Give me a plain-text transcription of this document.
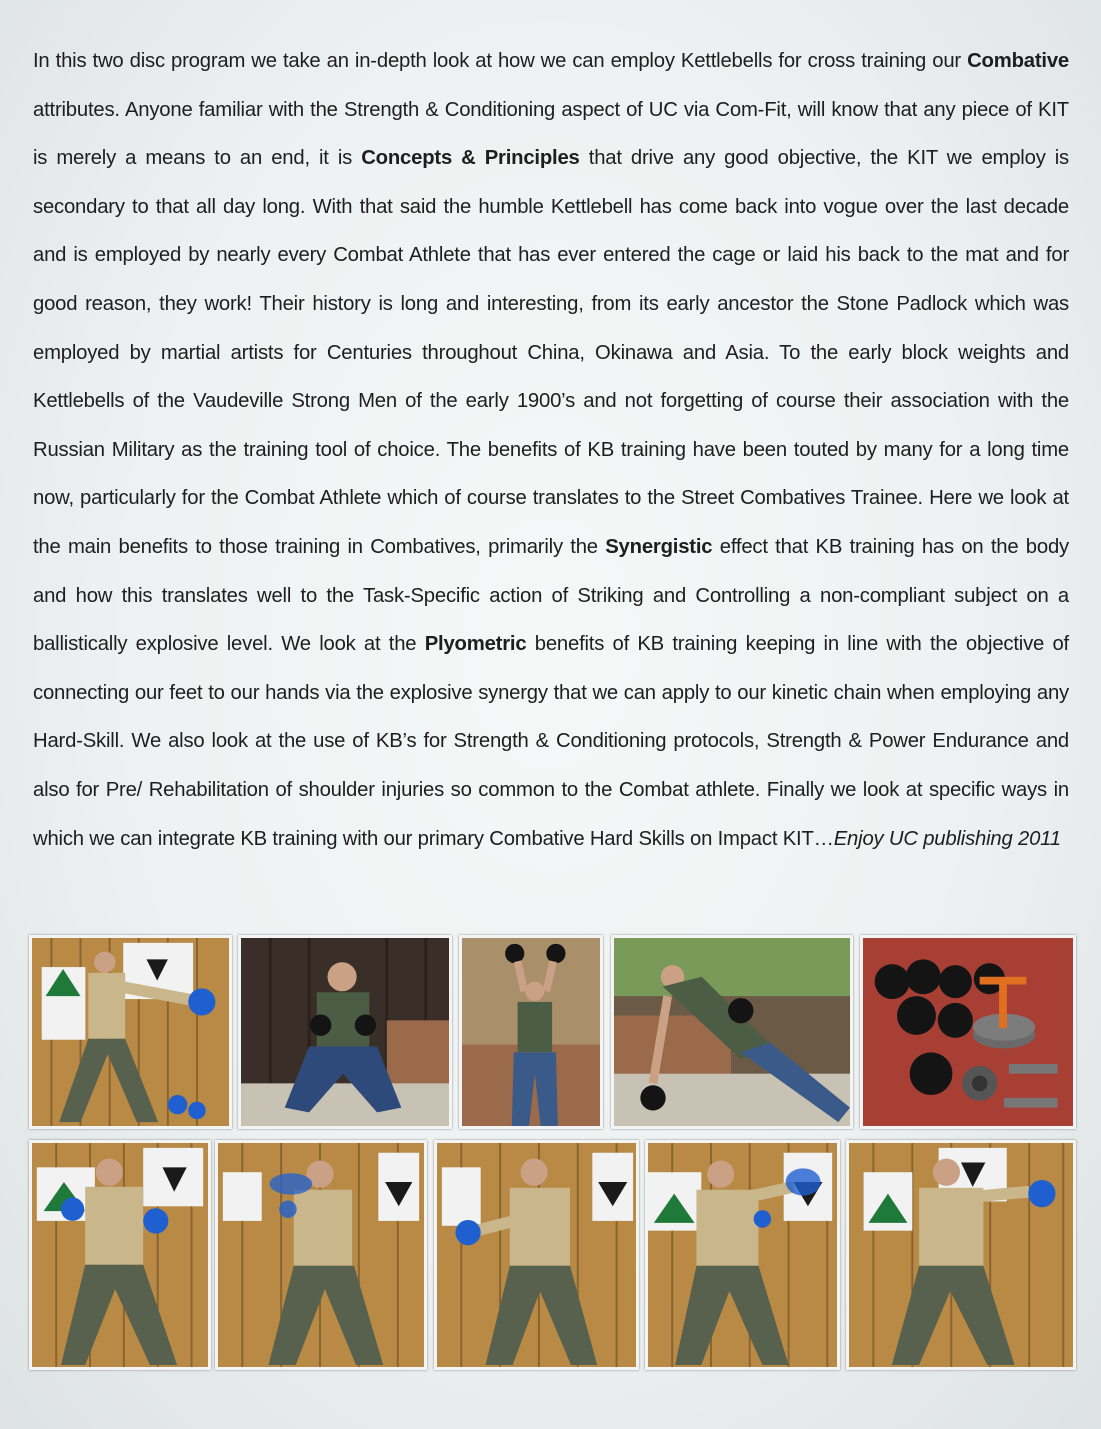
In this two disc program we take an in-depth look at how we can employ Kettlebells for cross training our Combative attributes. Anyone familiar with the Strength & Conditioning aspect of UC via Com-Fit, will know that any piece of KIT is merely a means to an end, it is Concepts & Principles that drive any good objective, the KIT we employ is secondary to that all day long. With that said the humble Kettlebell has come back into vogue over the last decade and is employed by nearly every Combat Athlete that has ever entered the cage or laid his back to the mat and for good reason, they work! Their history is long and interesting, from its early ancestor the Stone Padlock which was employed by martial artists for Centuries throughout China, Okinawa and Asia. To the early block weights and Kettlebells of the Vaudeville Strong Men of the early 1900’s and not forgetting of course their association with the Russian Military as the training tool of choice. The benefits of KB training have been touted by many for a long time now, particularly for the Combat Athlete which of course translates to the Street Combatives Trainee. Here we look at the main benefits to those training in Combatives, primarily the Synergistic effect that KB training has on the body and how this translates well to the Task-Specific action of Striking and Controlling a non-compliant subject on a ballistically explosive level. We look at the Plyometric benefits of KB training keeping in line with the objective of connecting our feet to our hands via the explosive synergy that we can apply to our kinetic chain when employing any Hard-Skill. We also look at the use of KB’s for Strength & Conditioning protocols, Strength & Power Endurance and also for Pre/ Rehabilitation of shoulder injuries so common to the Combat athlete. Finally we look at specific ways in which we can integrate KB training with our primary Combative Hard Skills on Impact KIT…Enjoy UC publishing 2011
